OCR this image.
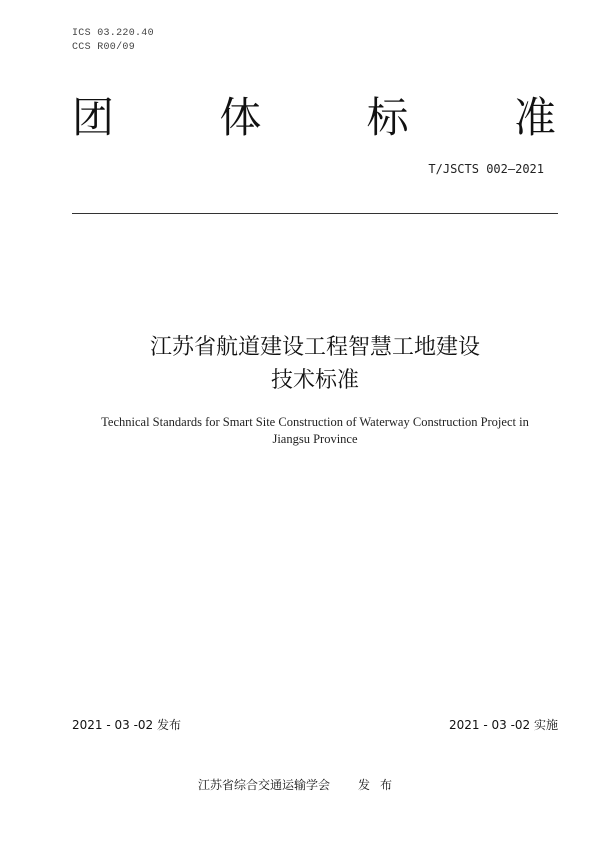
ICS 03.220.40
CCS R00/09
团	体	标	准
T/JSCTS 002—2021
江苏省航道建设工程智慧工地建设
技术标准
Technical Standards for Smart Site Construction of Waterway Construction Project in
Jiangsu Province
2021 - 03 -02 发布	2021 - 03 -02 实施
江苏省综合交通运输学会 发布
